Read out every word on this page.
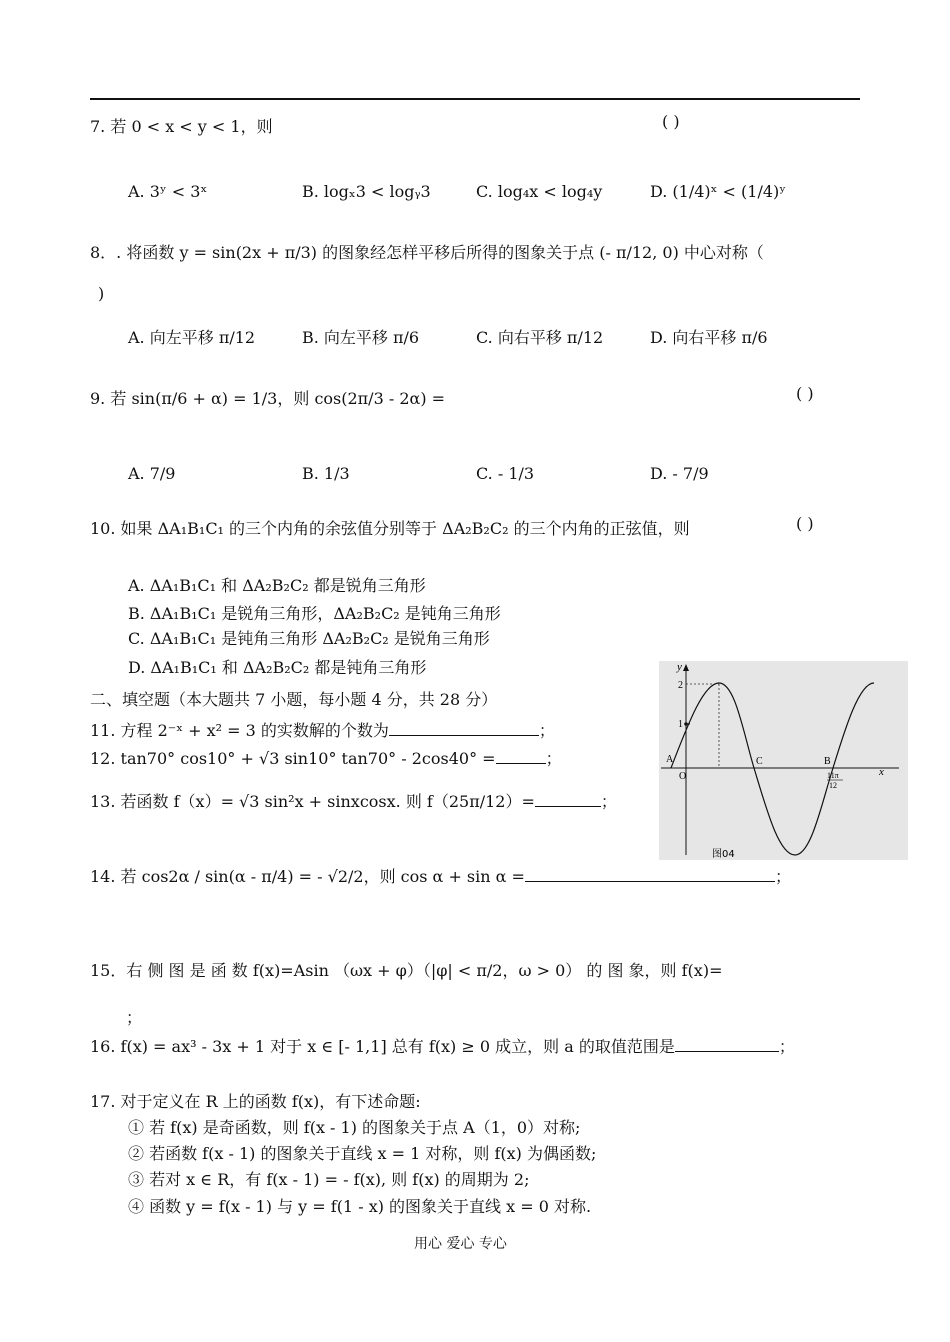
7. 若 0 < x < y < 1，则	( )
A. 3ʸ < 3ˣ	B. logₓ3 < logᵧ3	C. log₄x < log₄y	D. (1/4)ˣ < (1/4)ʸ
8．. 将函数 y = sin(2x + π/3) 的图象经怎样平移后所得的图象关于点 (- π/12, 0) 中心对称（
)
A. 向左平移 π/12	B. 向左平移 π/6	C. 向右平移 π/12	D. 向右平移 π/6
9. 若 sin(π/6 + α) = 1/3，则 cos(2π/3 - 2α) =	( )
A. 7/9	B. 1/3	C. - 1/3	D. - 7/9
10. 如果 ΔA₁B₁C₁ 的三个内角的余弦值分别等于 ΔA₂B₂C₂ 的三个内角的正弦值，则	( )
A. ΔA₁B₁C₁ 和 ΔA₂B₂C₂ 都是锐角三角形
B. ΔA₁B₁C₁ 是锐角三角形，ΔA₂B₂C₂ 是钝角三角形
C. ΔA₁B₁C₁ 是钝角三角形 ΔA₂B₂C₂ 是锐角三角形
D. ΔA₁B₁C₁ 和 ΔA₂B₂C₂ 都是钝角三角形
二、填空题（本大题共 7 小题，每小题 4 分，共 28 分）
11. 方程 2⁻ˣ + x² = 3 的实数解的个数为	；
12. tan70° cos10° + √3 sin10° tan70° - 2cos40° =	；
13. 若函数 f（x）= √3 sin²x + sinxcosx. 则 f（25π/12）=	；
14. 若 cos2α / sin(α - π/4) = - √2/2，则 cos α + sin α =	；
15．右 侧 图 是 函 数 f(x)=Asin （ωx + φ）（|φ| < π/2，ω > 0） 的 图 象，则 f(x)=
；
16. f(x) = ax³ - 3x + 1 对于 x ∈ [- 1,1] 总有 f(x) ≥ 0 成立，则 a 的取值范围是	；
17. 对于定义在 R 上的函数 f(x)，有下述命题:
① 若 f(x) 是奇函数，则 f(x - 1) 的图象关于点 A（1，0）对称;
② 若函数 f(x - 1) 的图象关于直线 x = 1 对称，则 f(x) 为偶函数;
③ 若对 x ∈ R，有 f(x - 1) = - f(x), 则 f(x) 的周期为 2;
④ 函数 y = f(x - 1) 与 y = f(1 - x) 的图象关于直线 x = 0 对称.
用心 爱心 专心
x
y
O
A	C	B
2
1
11π
12
图04
